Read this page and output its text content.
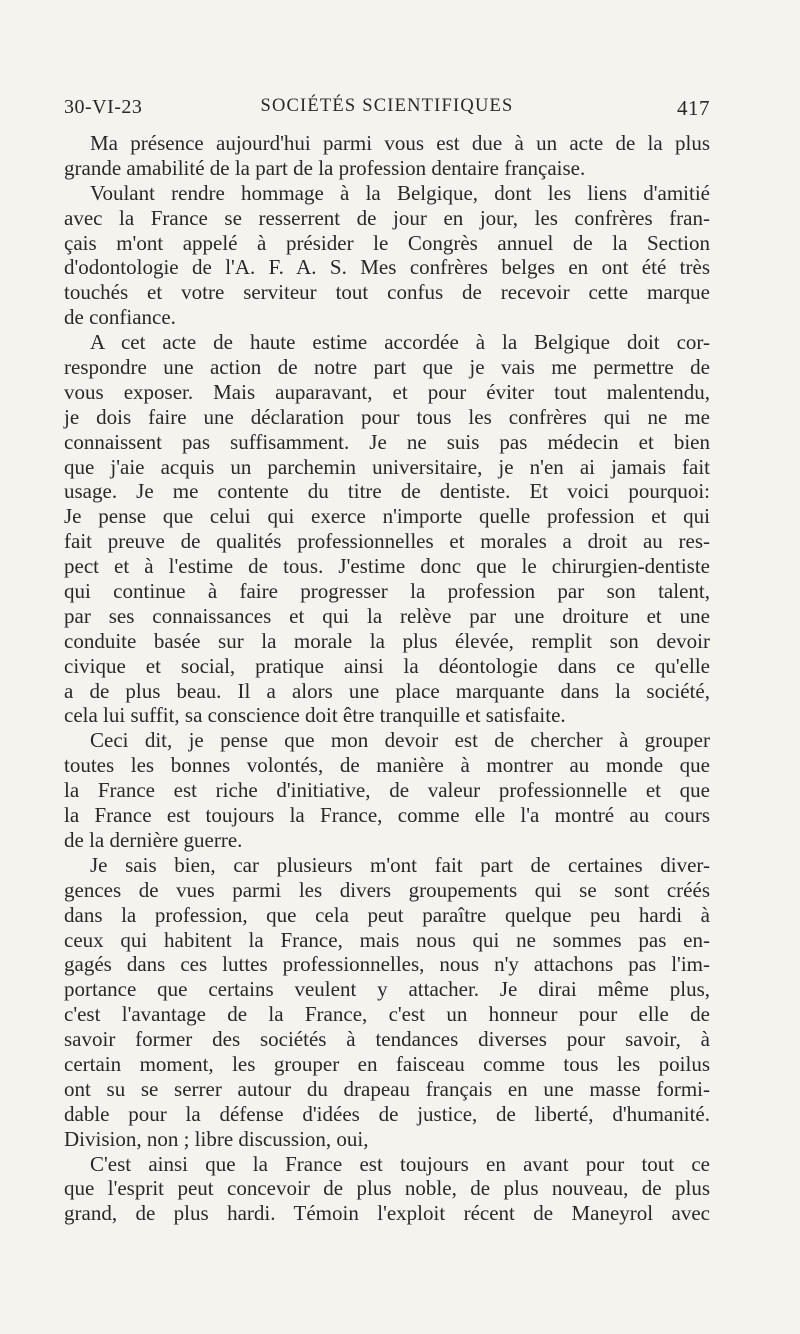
30-VI-23	SOCIÉTÉS SCIENTIFIQUES	417
Ma présence aujourd'hui parmi vous est due à un acte de la plus
grande amabilité de la part de la profession dentaire française.
Voulant rendre hommage à la Belgique, dont les liens d'amitié
avec la France se resserrent de jour en jour, les confrères fran-
çais m'ont appelé à présider le Congrès annuel de la Section
d'odontologie de l'A. F. A. S. Mes confrères belges en ont été très
touchés et votre serviteur tout confus de recevoir cette marque
de confiance.
A cet acte de haute estime accordée à la Belgique doit cor-
respondre une action de notre part que je vais me permettre de
vous exposer. Mais auparavant, et pour éviter tout malentendu,
je dois faire une déclaration pour tous les confrères qui ne me
connaissent pas suffisamment. Je ne suis pas médecin et bien
que j'aie acquis un parchemin universitaire, je n'en ai jamais fait
usage. Je me contente du titre de dentiste. Et voici pourquoi:
Je pense que celui qui exerce n'importe quelle profession et qui
fait preuve de qualités professionnelles et morales a droit au res-
pect et à l'estime de tous. J'estime donc que le chirurgien-dentiste
qui continue à faire progresser la profession par son talent,
par ses connaissances et qui la relève par une droiture et une
conduite basée sur la morale la plus élevée, remplit son devoir
civique et social, pratique ainsi la déontologie dans ce qu'elle
a de plus beau. Il a alors une place marquante dans la société,
cela lui suffit, sa conscience doit être tranquille et satisfaite.
Ceci dit, je pense que mon devoir est de chercher à grouper
toutes les bonnes volontés, de manière à montrer au monde que
la France est riche d'initiative, de valeur professionnelle et que
la France est toujours la France, comme elle l'a montré au cours
de la dernière guerre.
Je sais bien, car plusieurs m'ont fait part de certaines diver-
gences de vues parmi les divers groupements qui se sont créés
dans la profession, que cela peut paraître quelque peu hardi à
ceux qui habitent la France, mais nous qui ne sommes pas en-
gagés dans ces luttes professionnelles, nous n'y attachons pas l'im-
portance que certains veulent y attacher. Je dirai même plus,
c'est l'avantage de la France, c'est un honneur pour elle de
savoir former des sociétés à tendances diverses pour savoir, à
certain moment, les grouper en faisceau comme tous les poilus
ont su se serrer autour du drapeau français en une masse formi-
dable pour la défense d'idées de justice, de liberté, d'humanité.
Division, non ; libre discussion, oui,
C'est ainsi que la France est toujours en avant pour tout ce
que l'esprit peut concevoir de plus noble, de plus nouveau, de plus
grand, de plus hardi. Témoin l'exploit récent de Maneyrol avec
